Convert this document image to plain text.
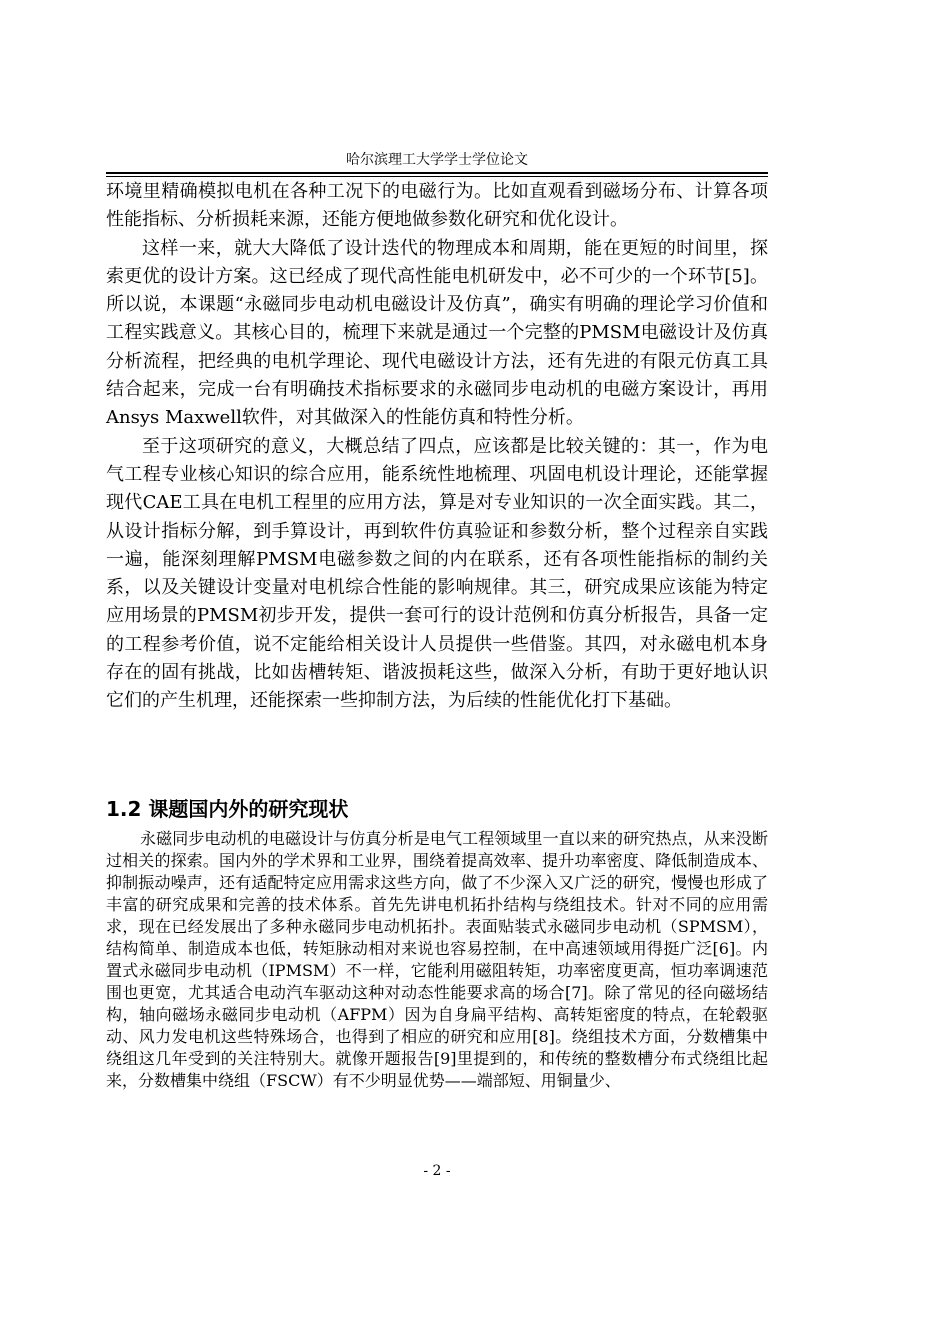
哈尔滨理工大学学士学位论文

环境里精确模拟电机在各种工况下的电磁行为。比如直观看到磁场分布、计算各项性能指标、分析损耗来源，还能方便地做参数化研究和优化设计。

这样一来，就大大降低了设计迭代的物理成本和周期，能在更短的时间里，探索更优的设计方案。这已经成了现代高性能电机研发中，必不可少的一个环节[5]。所以说，本课题“永磁同步电动机电磁设计及仿真”，确实有明确的理论学习价值和工程实践意义。其核心目的，梳理下来就是通过一个完整的PMSM电磁设计及仿真分析流程，把经典的电机学理论、现代电磁设计方法，还有先进的有限元仿真工具结合起来，完成一台有明确技术指标要求的永磁同步电动机的电磁方案设计，再用Ansys Maxwell软件，对其做深入的性能仿真和特性分析。

至于这项研究的意义，大概总结了四点，应该都是比较关键的：其一，作为电气工程专业核心知识的综合应用，能系统性地梳理、巩固电机设计理论，还能掌握现代CAE工具在电机工程里的应用方法，算是对专业知识的一次全面实践。其二，从设计指标分解，到手算设计，再到软件仿真验证和参数分析，整个过程亲自实践一遍，能深刻理解PMSM电磁参数之间的内在联系，还有各项性能指标的制约关系，以及关键设计变量对电机综合性能的影响规律。其三，研究成果应该能为特定应用场景的PMSM初步开发，提供一套可行的设计范例和仿真分析报告，具备一定的工程参考价值，说不定能给相关设计人员提供一些借鉴。其四，对永磁电机本身存在的固有挑战，比如齿槽转矩、谐波损耗这些，做深入分析，有助于更好地认识它们的产生机理，还能探索一些抑制方法，为后续的性能优化打下基础。

1.2 课题国内外的研究现状

永磁同步电动机的电磁设计与仿真分析是电气工程领域里一直以来的研究热点，从来没断过相关的探索。国内外的学术界和工业界，围绕着提高效率、提升功率密度、降低制造成本、抑制振动噪声，还有适配特定应用需求这些方向，做了不少深入又广泛的研究，慢慢也形成了丰富的研究成果和完善的技术体系。首先先讲电机拓扑结构与绕组技术。针对不同的应用需求，现在已经发展出了多种永磁同步电动机拓扑。表面贴装式永磁同步电动机（SPMSM），结构简单、制造成本也低，转矩脉动相对来说也容易控制，在中高速领域用得挺广泛[6]。内置式永磁同步电动机（IPMSM）不一样，它能利用磁阻转矩，功率密度更高，恒功率调速范围也更宽，尤其适合电动汽车驱动这种对动态性能要求高的场合[7]。除了常见的径向磁场结构，轴向磁场永磁同步电动机（AFPM）因为自身扁平结构、高转矩密度的特点，在轮毂驱动、风力发电机这些特殊场合，也得到了相应的研究和应用[8]。绕组技术方面，分数槽集中绕组这几年受到的关注特别大。就像开题报告[9]里提到的，和传统的整数槽分布式绕组比起来，分数槽集中绕组（FSCW）有不少明显优势——端部短、用铜量少、

- 2 -
